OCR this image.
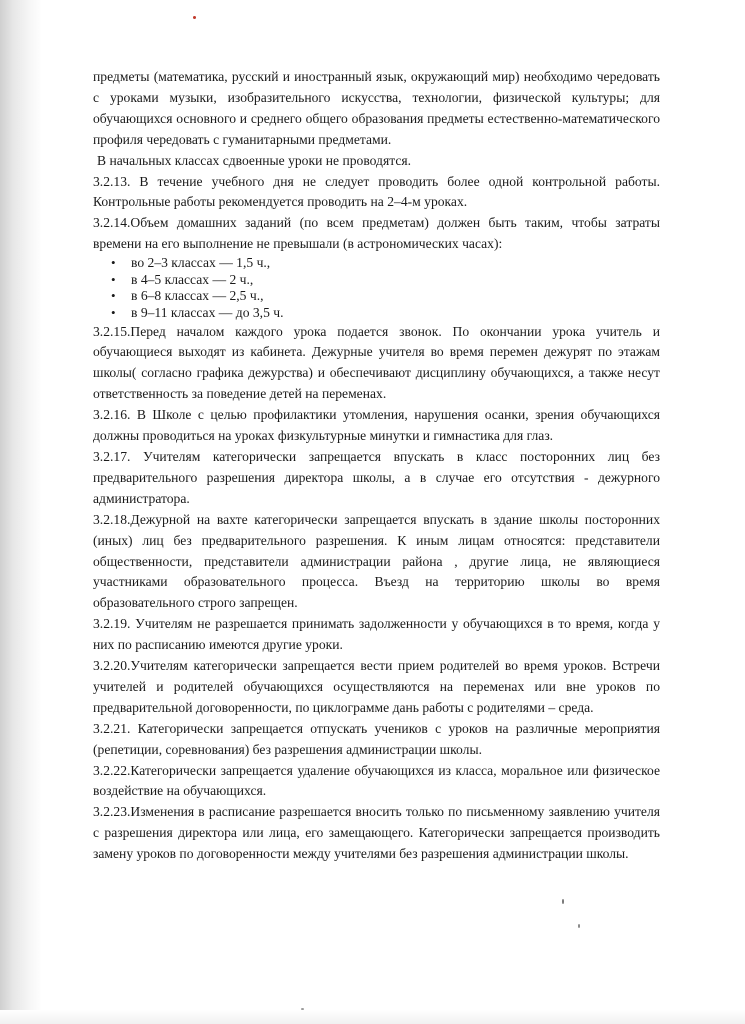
предметы (математика, русский и иностранный язык, окружающий мир) необходимо чередовать с уроками музыки, изобразительного искусства, технологии, физической культуры; для обучающихся основного и среднего общего образования предметы естественно-математического профиля чередовать с гуманитарными предметами.

В начальных классах сдвоенные уроки не проводятся.

3.2.13. В течение учебного дня не следует проводить более одной контрольной работы. Контрольные работы рекомендуется проводить на 2–4-м уроках.

3.2.14.Объем домашних заданий (по всем предметам) должен быть таким, чтобы затраты времени на его выполнение не превышали (в астрономических часах):

• во 2–3 классах — 1,5 ч.,
• в 4–5 классах — 2 ч.,
• в 6–8 классах — 2,5 ч.,
• в 9–11 классах — до 3,5 ч.

3.2.15.Перед началом каждого урока подается звонок. По окончании урока учитель и обучающиеся выходят из кабинета. Дежурные учителя во время перемен дежурят по этажам школы( согласно графика дежурства) и обеспечивают дисциплину обучающихся, а также несут ответственность за поведение детей на переменах.

3.2.16. В Школе с целью профилактики утомления, нарушения осанки, зрения обучающихся должны проводиться на уроках физкультурные минутки и гимнастика для глаз.

3.2.17. Учителям категорически запрещается впускать в класс посторонних лиц без предварительного разрешения директора школы, а в случае его отсутствия - дежурного администратора.

3.2.18.Дежурной на вахте категорически запрещается впускать в здание школы посторонних (иных) лиц без предварительного разрешения. К иным лицам относятся: представители общественности, представители администрации района , другие лица, не являющиеся участниками образовательного процесса. Въезд на территорию школы во время образовательного строго запрещен.

3.2.19. Учителям не разрешается принимать задолженности у обучающихся в то время, когда у них по расписанию имеются другие уроки.

3.2.20.Учителям категорически запрещается вести прием родителей во время уроков. Встречи учителей и родителей обучающихся осуществляются на переменах или вне уроков по предварительной договоренности, по циклограмме дань работы с родителями – среда.

3.2.21. Категорически запрещается отпускать учеников с уроков на различные мероприятия (репетиции, соревнования) без разрешения администрации школы.

3.2.22.Категорически запрещается удаление обучающихся из класса, моральное или физическое воздействие на обучающихся.

3.2.23.Изменения в расписание разрешается вносить только по письменному заявлению учителя с разрешения директора или лица, его замещающего. Категорически запрещается производить замену уроков по договоренности между учителями без разрешения администрации школы.
